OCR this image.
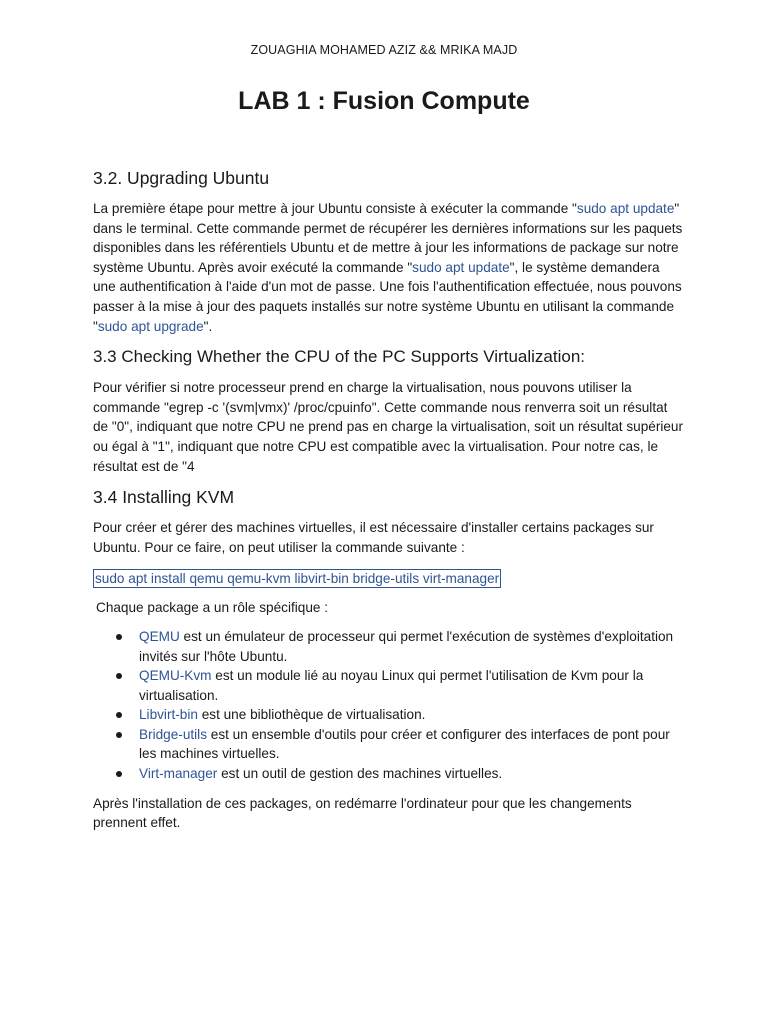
ZOUAGHIA MOHAMED AZIZ && MRIKA MAJD
LAB 1 : Fusion Compute
3.2. Upgrading Ubuntu

La première étape pour mettre à jour Ubuntu consiste à exécuter la commande "sudo apt update" dans le terminal. Cette commande permet de récupérer les dernières informations sur les paquets disponibles dans les référentiels Ubuntu et de mettre à jour les informations de package sur notre système Ubuntu. Après avoir exécuté la commande "sudo apt update", le système demandera une authentification à l'aide d'un mot de passe. Une fois l'authentification effectuée, nous pouvons passer à la mise à jour des paquets installés sur notre système Ubuntu en utilisant la commande "sudo apt upgrade".

3.3 Checking Whether the CPU of the PC Supports Virtualization:

Pour vérifier si notre processeur prend en charge la virtualisation, nous pouvons utiliser la commande "egrep -c '(svm|vmx)' /proc/cpuinfo". Cette commande nous renverra soit un résultat de "0", indiquant que notre CPU ne prend pas en charge la virtualisation, soit un résultat supérieur ou égal à "1", indiquant que notre CPU est compatible avec la virtualisation. Pour notre cas, le résultat est de "4

3.4 Installing KVM

Pour créer et gérer des machines virtuelles, il est nécessaire d'installer certains packages sur Ubuntu. Pour ce faire, on peut utiliser la commande suivante :

sudo apt install qemu qemu-kvm libvirt-bin bridge-utils virt-manager

Chaque package a un rôle spécifique :

QEMU est un émulateur de processeur qui permet l'exécution de systèmes d'exploitation invités sur l'hôte Ubuntu.
QEMU-Kvm est un module lié au noyau Linux qui permet l'utilisation de Kvm pour la virtualisation.
Libvirt-bin est une bibliothèque de virtualisation.
Bridge-utils est un ensemble d'outils pour créer et configurer des interfaces de pont pour les machines virtuelles.
Virt-manager est un outil de gestion des machines virtuelles.

Après l'installation de ces packages, on redémarre l'ordinateur pour que les changements prennent effet.
